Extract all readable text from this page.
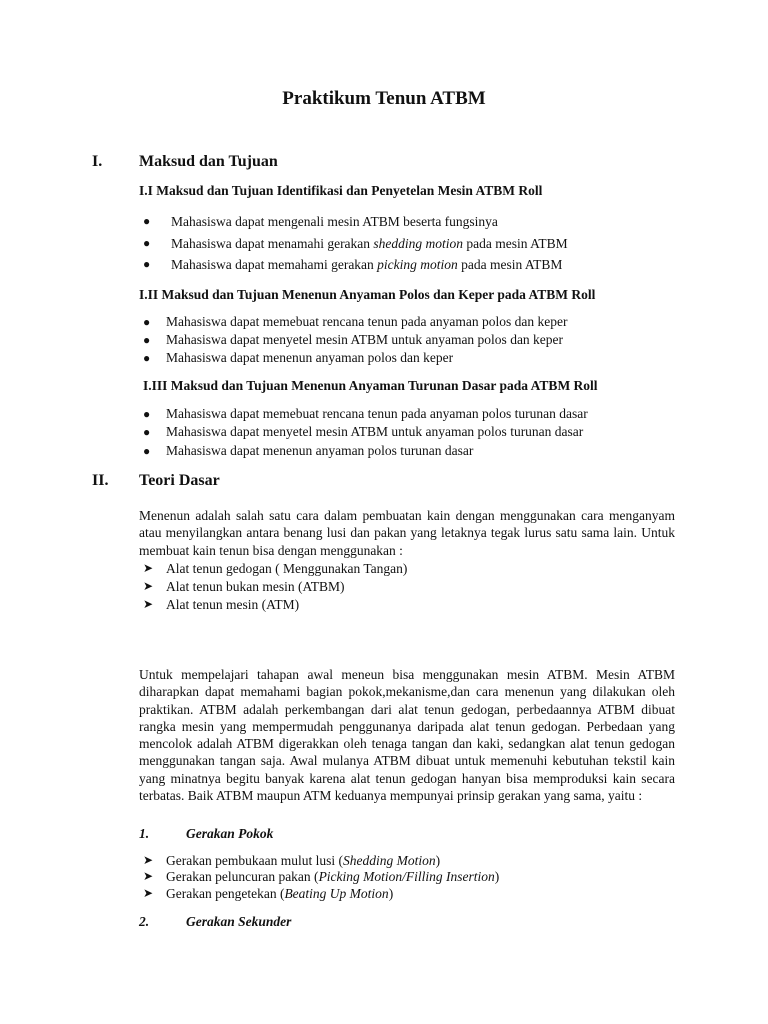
Praktikum Tenun ATBM
I. Maksud dan Tujuan
I.I Maksud dan Tujuan Identifikasi dan Penyetelan Mesin ATBM Roll
● Mahasiswa dapat mengenali mesin ATBM beserta fungsinya
● Mahasiswa dapat menamahi gerakan shedding motion pada mesin ATBM
● Mahasiswa dapat memahami gerakan picking motion pada mesin ATBM
I.II Maksud dan Tujuan Menenun Anyaman Polos dan Keper pada ATBM Roll
● Mahasiswa dapat memebuat rencana tenun pada anyaman polos dan keper
● Mahasiswa dapat menyetel mesin ATBM untuk anyaman polos dan keper
● Mahasiswa dapat menenun anyaman polos dan keper
I.III Maksud dan Tujuan Menenun Anyaman Turunan Dasar pada ATBM Roll
● Mahasiswa dapat memebuat rencana tenun pada anyaman polos turunan dasar
● Mahasiswa dapat menyetel mesin ATBM untuk anyaman polos turunan dasar
● Mahasiswa dapat menenun anyaman polos turunan dasar
II. Teori Dasar
Menenun adalah salah satu cara dalam pembuatan kain dengan menggunakan cara menganyam atau menyilangkan antara benang lusi dan pakan yang letaknya tegak lurus satu sama lain. Untuk membuat kain tenun bisa dengan menggunakan :
➤ Alat tenun gedogan ( Menggunakan Tangan)
➤ Alat tenun bukan mesin (ATBM)
➤ Alat tenun mesin (ATM)
Untuk mempelajari tahapan awal meneun bisa menggunakan mesin ATBM. Mesin ATBM diharapkan dapat memahami bagian pokok,mekanisme,dan cara menenun yang dilakukan oleh praktikan. ATBM adalah perkembangan dari alat tenun gedogan, perbedaannya ATBM dibuat rangka mesin yang mempermudah penggunanya daripada alat tenun gedogan. Perbedaan yang mencolok adalah ATBM digerakkan oleh tenaga tangan dan kaki, sedangkan alat tenun gedogan menggunakan tangan saja. Awal mulanya ATBM dibuat untuk memenuhi kebutuhan tekstil kain yang minatnya begitu banyak karena alat tenun gedogan hanyan bisa memproduksi kain secara terbatas. Baik ATBM maupun ATM keduanya mempunyai prinsip gerakan yang sama, yaitu :
1.	Gerakan Pokok
➤ Gerakan pembukaan mulut lusi (Shedding Motion)
➤ Gerakan peluncuran pakan (Picking Motion/Filling Insertion)
➤ Gerakan pengetekan (Beating Up Motion)
2.	Gerakan Sekunder
